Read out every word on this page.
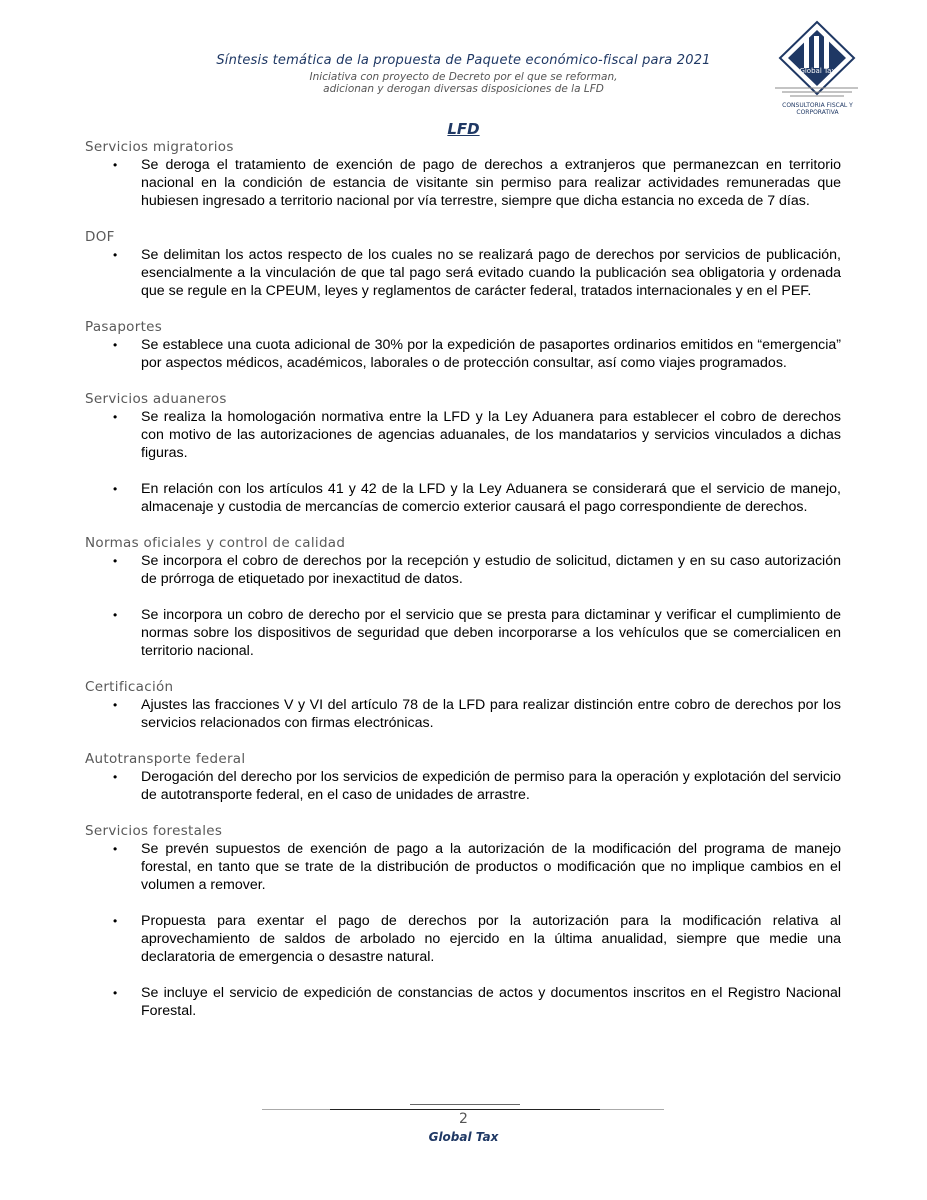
Síntesis temática de la propuesta de Paquete económico-fiscal para 2021
Iniciativa con proyecto de Decreto por el que se reforman,
adicionan y derogan diversas disposiciones de la LFD
Global Tax
CONSULTORIA FISCAL Y CORPORATIVA
LFD
Servicios migratorios
• Se deroga el tratamiento de exención de pago de derechos a extranjeros que permanezcan en territorio nacional en la condición de estancia de visitante sin permiso para realizar actividades remuneradas que hubiesen ingresado a territorio nacional por vía terrestre, siempre que dicha estancia no exceda de 7 días.
DOF
• Se delimitan los actos respecto de los cuales no se realizará pago de derechos por servicios de publicación, esencialmente a la vinculación de que tal pago será evitado cuando la publicación sea obligatoria y ordenada que se regule en la CPEUM, leyes y reglamentos de carácter federal, tratados internacionales y en el PEF.
Pasaportes
• Se establece una cuota adicional de 30% por la expedición de pasaportes ordinarios emitidos en “emergencia” por aspectos médicos, académicos, laborales o de protección consultar, así como viajes programados.
Servicios aduaneros
• Se realiza la homologación normativa entre la LFD y la Ley Aduanera para establecer el cobro de derechos con motivo de las autorizaciones de agencias aduanales, de los mandatarios y servicios vinculados a dichas figuras.
• En relación con los artículos 41 y 42 de la LFD y la Ley Aduanera se considerará que el servicio de manejo, almacenaje y custodia de mercancías de comercio exterior causará el pago correspondiente de derechos.
Normas oficiales y control de calidad
• Se incorpora el cobro de derechos por la recepción y estudio de solicitud, dictamen y en su caso autorización de prórroga de etiquetado por inexactitud de datos.
• Se incorpora un cobro de derecho por el servicio que se presta para dictaminar y verificar el cumplimiento de normas sobre los dispositivos de seguridad que deben incorporarse a los vehículos que se comercialicen en territorio nacional.
Certificación
• Ajustes las fracciones V y VI del artículo 78 de la LFD para realizar distinción entre cobro de derechos por los servicios relacionados con firmas electrónicas.
Autotransporte federal
• Derogación del derecho por los servicios de expedición de permiso para la operación y explotación del servicio de autotransporte federal, en el caso de unidades de arrastre.
Servicios forestales
• Se prevén supuestos de exención de pago a la autorización de la modificación del programa de manejo forestal, en tanto que se trate de la distribución de productos o modificación que no implique cambios en el volumen a remover.
• Propuesta para exentar el pago de derechos por la autorización para la modificación relativa al aprovechamiento de saldos de arbolado no ejercido en la última anualidad, siempre que medie una declaratoria de emergencia o desastre natural.
• Se incluye el servicio de expedición de constancias de actos y documentos inscritos en el Registro Nacional Forestal.
2
Global Tax
